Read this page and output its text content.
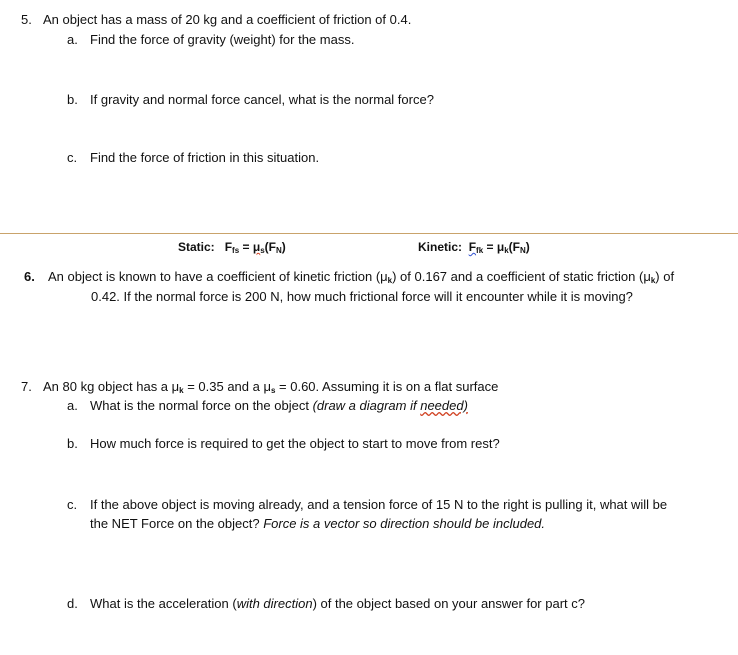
5. An object has a mass of 20 kg and a coefficient of friction of 0.4.
a. Find the force of gravity (weight) for the mass.
b. If gravity and normal force cancel, what is the normal force?
c. Find the force of friction in this situation.
Static: Ffs = μs(FN)	Kinetic: Ffk = μk(FN)
6. An object is known to have a coefficient of kinetic friction (μk) of 0.167 and a coefficient of static friction (μk) of
0.42. If the normal force is 200 N, how much frictional force will it encounter while it is moving?
7. An 80 kg object has a μk = 0.35 and a μs = 0.60. Assuming it is on a flat surface
a. What is the normal force on the object (draw a diagram if needed)
b. How much force is required to get the object to start to move from rest?
c. If the above object is moving already, and a tension force of 15 N to the right is pulling it, what will be
the NET Force on the object? Force is a vector so direction should be included.
d. What is the acceleration (with direction) of the object based on your answer for part c?
